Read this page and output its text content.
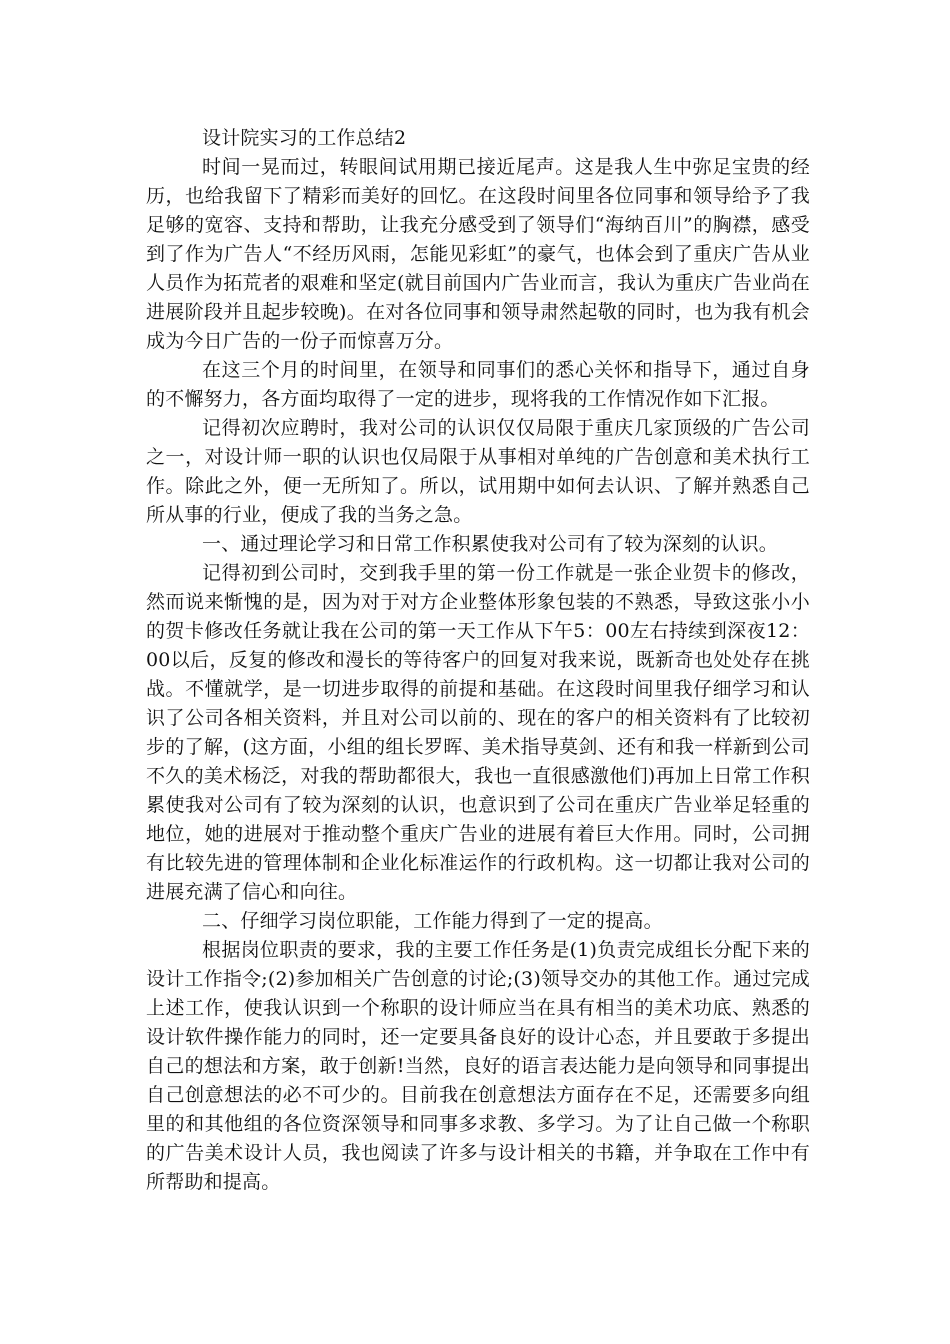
设计院实习的工作总结2

时间一晃而过，转眼间试用期已接近尾声。这是我人生中弥足宝贵的经历，也给我留下了精彩而美好的回忆。在这段时间里各位同事和领导给予了我足够的宽容、支持和帮助，让我充分感受到了领导们“海纳百川”的胸襟，感受到了作为广告人“不经历风雨，怎能见彩虹”的豪气，也体会到了重庆广告从业人员作为拓荒者的艰难和坚定(就目前国内广告业而言，我认为重庆广告业尚在进展阶段并且起步较晚)。在对各位同事和领导肃然起敬的同时，也为我有机会成为今日广告的一份子而惊喜万分。

在这三个月的时间里，在领导和同事们的悉心关怀和指导下，通过自身的不懈努力，各方面均取得了一定的进步，现将我的工作情况作如下汇报。

记得初次应聘时，我对公司的认识仅仅局限于重庆几家顶级的广告公司之一，对设计师一职的认识也仅局限于从事相对单纯的广告创意和美术执行工作。除此之外，便一无所知了。所以，试用期中如何去认识、了解并熟悉自己所从事的行业，便成了我的当务之急。

一、通过理论学习和日常工作积累使我对公司有了较为深刻的认识。

记得初到公司时，交到我手里的第一份工作就是一张企业贺卡的修改，然而说来惭愧的是，因为对于对方企业整体形象包装的不熟悉，导致这张小小的贺卡修改任务就让我在公司的第一天工作从下午5：00左右持续到深夜12：00以后，反复的修改和漫长的等待客户的回复对我来说，既新奇也处处存在挑战。不懂就学，是一切进步取得的前提和基础。在这段时间里我仔细学习和认识了公司各相关资料，并且对公司以前的、现在的客户的相关资料有了比较初步的了解，(这方面，小组的组长罗晖、美术指导莫剑、还有和我一样新到公司不久的美术杨泛，对我的帮助都很大，我也一直很感激他们)再加上日常工作积累使我对公司有了较为深刻的认识，也意识到了公司在重庆广告业举足轻重的地位，她的进展对于推动整个重庆广告业的进展有着巨大作用。同时，公司拥有比较先进的管理体制和企业化标准运作的行政机构。这一切都让我对公司的进展充满了信心和向往。

二、仔细学习岗位职能，工作能力得到了一定的提高。

根据岗位职责的要求，我的主要工作任务是(1)负责完成组长分配下来的设计工作指令;(2)参加相关广告创意的讨论;(3)领导交办的其他工作。通过完成上述工作，使我认识到一个称职的设计师应当在具有相当的美术功底、熟悉的设计软件操作能力的同时，还一定要具备良好的设计心态，并且要敢于多提出自己的想法和方案，敢于创新!当然，良好的语言表达能力是向领导和同事提出自己创意想法的必不可少的。目前我在创意想法方面存在不足，还需要多向组里的和其他组的各位资深领导和同事多求教、多学习。为了让自己做一个称职的广告美术设计人员，我也阅读了许多与设计相关的书籍，并争取在工作中有所帮助和提高。
